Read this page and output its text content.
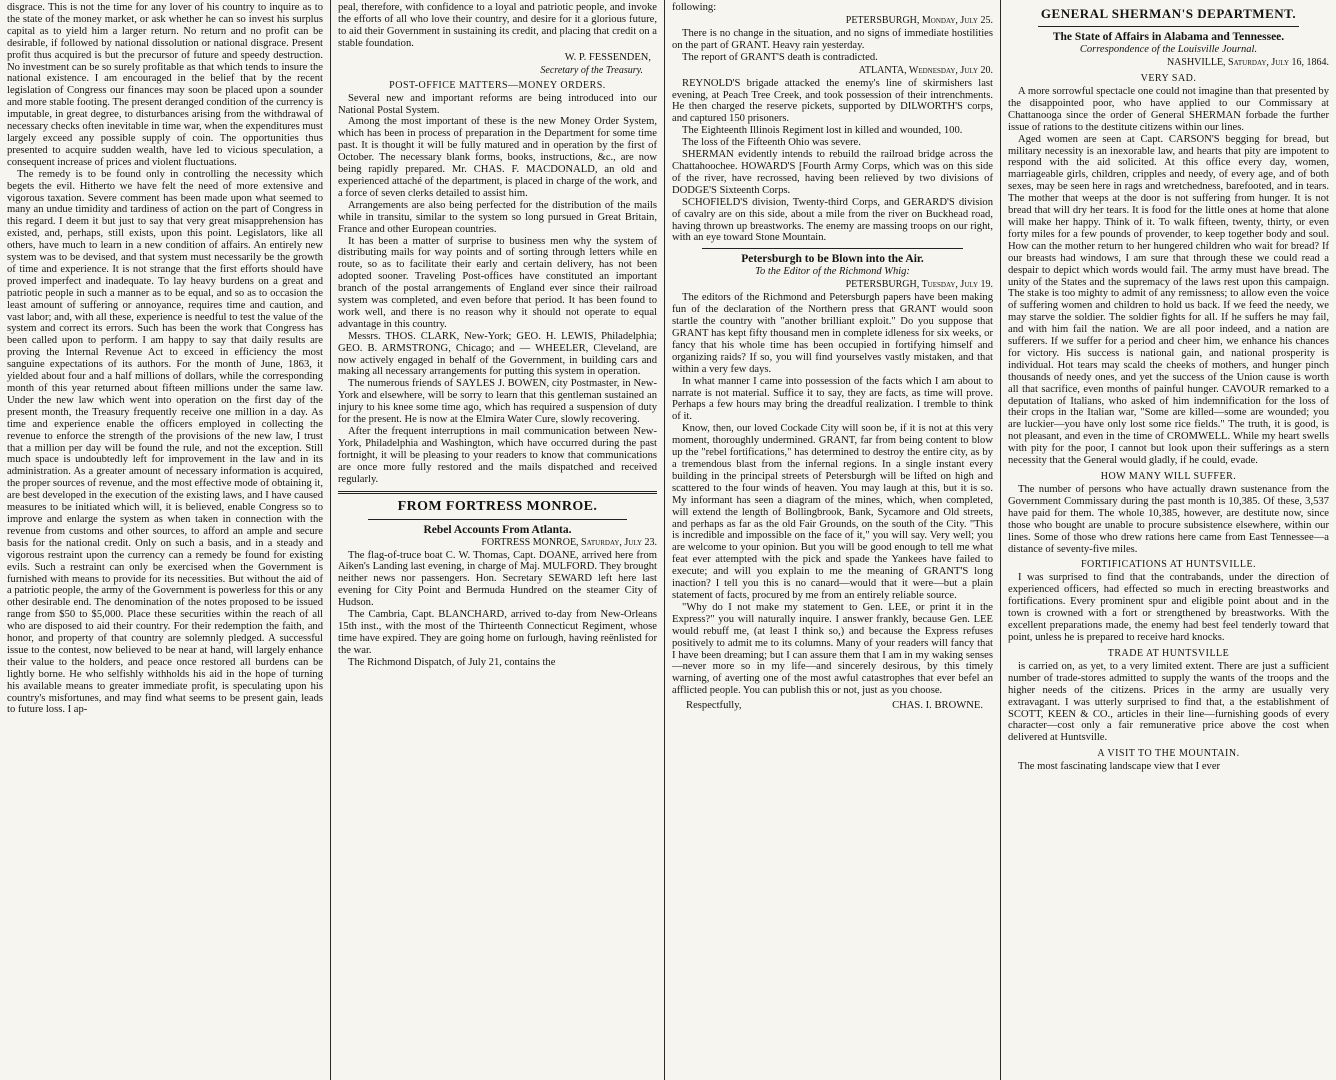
disgrace. This is not the time for any lover of his country to inquire as to the state of the money market, or ask whether he can so invest his surplus capital as to yield him a larger return. No return and no profit can be desirable, if followed by national dissolution or national disgrace. Present profit thus acquired is but the precursor of future and speedy destruction. No investment can be so surely profitable as that which tends to insure the national existence. I am encouraged in the belief that by the recent legislation of Congress our finances may soon be placed upon a sounder and more stable footing. The present deranged condition of the currency is imputable, in great degree, to disturbances arising from the withdrawal of necessary checks often inevitable in time war, when the expenditures must largely exceed any possible supply of coin. The opportunities thus presented to acquire sudden wealth, have led to vicious speculation, a consequent increase of prices and violent fluctuations.

The remedy is to be found only in controlling the necessity which begets the evil. Hitherto we have felt the need of more extensive and vigorous taxation. Severe comment has been made upon what seemed to many an undue timidity and tardiness of action on the part of Congress in this regard. I deem it but just to say that very great misapprehension has existed, and, perhaps, still exists, upon this point. Legislators, like all others, have much to learn in a new condition of affairs. An entirely new system was to be devised, and that system must necessarily be the growth of time and experience. It is not strange that the first efforts should have proved imperfect and inadequate. To lay heavy burdens on a great and patriotic people in such a manner as to be equal, and so as to occasion the least amount of suffering or annoyance, requires time and caution, and vast labor; and, with all these, experience is needful to test the value of the system and correct its errors. Such has been the work that Congress has been called upon to perform. I am happy to say that daily results are proving the Internal Revenue Act to exceed in efficiency the most sanguine expectations of its authors. For the month of June, 1863, it yielded about four and a half millions of dollars, while the corresponding month of this year returned about fifteen millions under the same law. Under the new law which went into operation on the first day of the present month, the Treasury frequently receive one million in a day. As time and experience enable the officers employed in collecting the revenue to enforce the strength of the provisions of the new law, I trust that a million per day will be found the rule, and not the exception. Still much space is undoubtedly left for improvement in the law and in its administration. As a greater amount of necessary information is acquired, the proper sources of revenue, and the most effective mode of obtaining it, are best developed in the execution of the existing laws, and I have caused measures to be initiated which will, it is believed, enable Congress so to improve and enlarge the system as when taken in connection with the revenue from customs and other sources, to afford an ample and secure basis for the national credit. Only on such a basis, and in a steady and vigorous restraint upon the currency can a remedy be found for existing evils. Such a restraint can only be exercised when the Government is furnished with means to provide for its necessities. But without the aid of a patriotic people, the army of the Government is powerless for this or any other desirable end. The denomination of the notes proposed to be issued range from $50 to $5,000. Place these securities within the reach of all who are disposed to aid their country. For their redemption the faith, and honor, and property of that country are solemnly pledged. A successful issue to the contest, now believed to be near at hand, will largely enhance their value to the holders, and peace once restored all burdens can be lightly borne. He who selfishly withholds his aid in the hope of turning his available means to greater immediate profit, is speculating upon his country's misfortunes, and may find what seems to be present gain, leads to future loss. I ap-

peal, therefore, with confidence to a loyal and patriotic people, and invoke the efforts of all who love their country, and desire for it a glorious future, to aid their Government in sustaining its credit, and placing that credit on a stable foundation.

W. P. FESSENDEN,
Secretary of the Treasury.
POST-OFFICE MATTERS—MONEY ORDERS.

Several new and important reforms are being introduced into our National Postal System.

Among the most important of these is the new Money Order System, which has been in process of preparation in the Department for some time past. It is thought it will be fully matured and in operation by the first of October. The necessary blank forms, books, instructions, &c., are now being rapidly prepared. Mr. CHAS. F. MACDONALD, an old and experienced attaché of the department, is placed in charge of the work, and a force of seven clerks detailed to assist him.

Arrangements are also being perfected for the distribution of the mails while in transitu, similar to the system so long pursued in Great Britain, France and other European countries.

It has been a matter of surprise to business men why the system of distributing mails for way points and of sorting through letters while en route, so as to facilitate their early and certain delivery, has not been adopted sooner. Traveling Post-offices have constituted an important branch of the postal arrangements of England ever since their railroad system was completed, and even before that period. It has been found to work well, and there is no reason why it should not operate to equal advantage in this country.

Messrs. THOS. CLARK, New-York; GEO. H. LEWIS, Philadelphia; GEO. B. ARMSTRONG, Chicago; and — WHEELER, Cleveland, are now actively engaged in behalf of the Government, in building cars and making all necessary arrangements for putting this system in operation.

The numerous friends of SAYLES J. BOWEN, city Postmaster, in New-York and elsewhere, will be sorry to learn that this gentleman sustained an injury to his knee some time ago, which has required a suspension of duty for the present. He is now at the Elmira Water Cure, slowly recovering.

After the frequent interruptions in mail communication between New-York, Philadelphia and Washington, which have occurred during the past fortnight, it will be pleasing to your readers to know that communications are once more fully restored and the mails dispatched and received regularly.

FROM FORTRESS MONROE.
Rebel Accounts From Atlanta.
FORTRESS MONROE, Saturday, July 23.

The flag-of-truce boat C. W. Thomas, Capt. DOANE, arrived here from Aiken's Landing last evening, in charge of Maj. MULFORD. They brought neither news nor passengers. Hon. Secretary SEWARD left here last evening for City Point and Bermuda Hundred on the steamer City of Hudson.

The Cambria, Capt. BLANCHARD, arrived to-day from New-Orleans 15th inst., with the most of the Thirteenth Connecticut Regiment, whose time have expired. They are going home on furlough, having reënlisted for the war.

The Richmond Dispatch, of July 21, contains the

following:

PETERSBURGH, Monday, July 25.

There is no change in the situation, and no signs of immediate hostilities on the part of GRANT. Heavy rain yesterday.

The report of GRANT'S death is contradicted.

ATLANTA, Wednesday, July 20.

REYNOLD'S brigade attacked the enemy's line of skirmishers last evening, at Peach Tree Creek, and took possession of their intrenchments. He then charged the reserve pickets, supported by DILWORTH'S corps, and captured 150 prisoners.

The Eighteenth Illinois Regiment lost in killed and wounded, 100.

The loss of the Fifteenth Ohio was severe.

SHERMAN evidently intends to rebuild the railroad bridge across the Chattahoochee. HOWARD'S [Fourth Army Corps, which was on this side of the river, have recrossed, having been relieved by two divisions of DODGE'S Sixteenth Corps.

SCHOFIELD'S division, Twenty-third Corps, and GERARD'S division of cavalry are on this side, about a mile from the river on Buckhead road, having thrown up breastworks. The enemy are massing troops on our right, with an eye toward Stone Mountain.

Petersburgh to be Blown into the Air.
To the Editor of the Richmond Whig:
PETERSBURGH, Tuesday, July 19.

The editors of the Richmond and Petersburgh papers have been making fun of the declaration of the Northern press that GRANT would soon startle the country with "another brilliant exploit." Do you suppose that GRANT has kept fifty thousand men in complete idleness for six weeks, or fancy that his whole time has been occupied in fortifying himself and organizing raids? If so, you will find yourselves vastly mistaken, and that within a very few days.

In what manner I came into possession of the facts which I am about to narrate is not material. Suffice it to say, they are facts, as time will prove. Perhaps a few hours may bring the dreadful realization. I tremble to think of it.

Know, then, our loved Cockade City will soon be, if it is not at this very moment, thoroughly undermined. GRANT, far from being content to blow up the "rebel fortifications," has determined to destroy the entire city, as by a tremendous blast from the infernal regions. In a single instant every building in the principal streets of Petersburgh will be lifted on high and scattered to the four winds of heaven. You may laugh at this, but it is so. My informant has seen a diagram of the mines, which, when completed, will extend the length of Bollingbrook, Bank, Sycamore and Old streets, and perhaps as far as the old Fair Grounds, on the south of the City. "This is incredible and impossible on the face of it," you will say. Very well; you are welcome to your opinion. But you will be good enough to tell me what feat ever attempted with the pick and spade the Yankees have failed to execute; and will you explain to me the meaning of GRANT'S long inaction? I tell you this is no canard—would that it were—but a plain statement of facts, procured by me from an entirely reliable source.

"Why do I not make my statement to Gen. LEE, or print it in the Express?" you will naturally inquire. I answer frankly, because Gen. LEE would rebuff me, (at least I think so,) and because the Express refuses positively to admit me to its columns. Many of your readers will fancy that I have been dreaming; but I can assure them that I am in my waking senses—never more so in my life—and sincerely desirous, by this timely warning, of averting one of the most awful catastrophes that ever befel an afflicted people. You can publish this or not, just as you choose.

Respectfully,	CHAS. I. BROWNE.
GENERAL SHERMAN'S DEPARTMENT.
The State of Affairs in Alabama and Tennessee.
Correspondence of the Louisville Journal.
NASHVILLE, Saturday, July 16, 1864.
VERY SAD.

A more sorrowful spectacle one could not imagine than that presented by the disappointed poor, who have applied to our Commissary at Chattanooga since the order of General SHERMAN forbade the further issue of rations to the destitute citizens within our lines.

Aged women are seen at Capt. CARSON'S begging for bread, but military necessity is an inexorable law, and hearts that pity are impotent to respond with the aid solicited. At this office every day, women, marriageable girls, children, cripples and needy, of every age, and of both sexes, may be seen here in rags and wretchedness, barefooted, and in tears. The mother that weeps at the door is not suffering from hunger. It is not bread that will dry her tears. It is food for the little ones at home that alone will make her happy. Think of it. To walk fifteen, twenty, thirty, or even forty miles for a few pounds of provender, to keep together body and soul. How can the mother return to her hungered children who wait for bread? If our breasts had windows, I am sure that through these we could read a despair to depict which words would fail. The army must have bread. The unity of the States and the supremacy of the laws rest upon this campaign. The stake is too mighty to admit of any remissness; to allow even the voice of suffering women and children to hold us back. If we feed the needy, we may starve the soldier. The soldier fights for all. If he suffers he may fail, and with him fail the nation. We are all poor indeed, and a nation are sufferers. If we suffer for a period and cheer him, we enhance his chances for victory. His success is national gain, and national prosperity is individual. Hot tears may scald the cheeks of mothers, and hunger pinch thousands of needy ones, and yet the success of the Union cause is worth all that sacrifice, even months of painful hunger. CAVOUR remarked to a deputation of Italians, who asked of him indemnification for the loss of their crops in the Italian war, "Some are killed—some are wounded; you are luckier—you have only lost some rice fields." The truth, it is good, is not pleasant, and even in the time of CROMWELL. While my heart swells with pity for the poor, I cannot but look upon their sufferings as a stern necessity that the General would gladly, if he could, evade.

HOW MANY WILL SUFFER.

The number of persons who have actually drawn sustenance from the Government Commissary during the past month is 10,385. Of these, 3,537 have paid for them. The whole 10,385, however, are destitute now, since those who bought are unable to procure subsistence elsewhere, within our lines. Some of those who drew rations here came from East Tennessee—a distance of seventy-five miles.

FORTIFICATIONS AT HUNTSVILLE.

I was surprised to find that the contrabands, under the direction of experienced officers, had effected so much in erecting breastworks and fortifications. Every prominent spur and eligible point about and in the town is crowned with a fort or strengthened by breastworks. With the excellent preparations made, the enemy had best feel tenderly toward that point, unless he is prepared to receive hard knocks.

TRADE AT HUNTSVILLE

is carried on, as yet, to a very limited extent. There are just a sufficient number of trade-stores admitted to supply the wants of the troops and the higher needs of the citizens. Prices in the army are usually very extravagant. I was utterly surprised to find that, a the establishment of SCOTT, KEEN & CO., articles in their line—furnishing goods of every character—cost only a fair remunerative price above the cost when delivered at Huntsville.

A VISIT TO THE MOUNTAIN.

The most fascinating landscape view that I ever
